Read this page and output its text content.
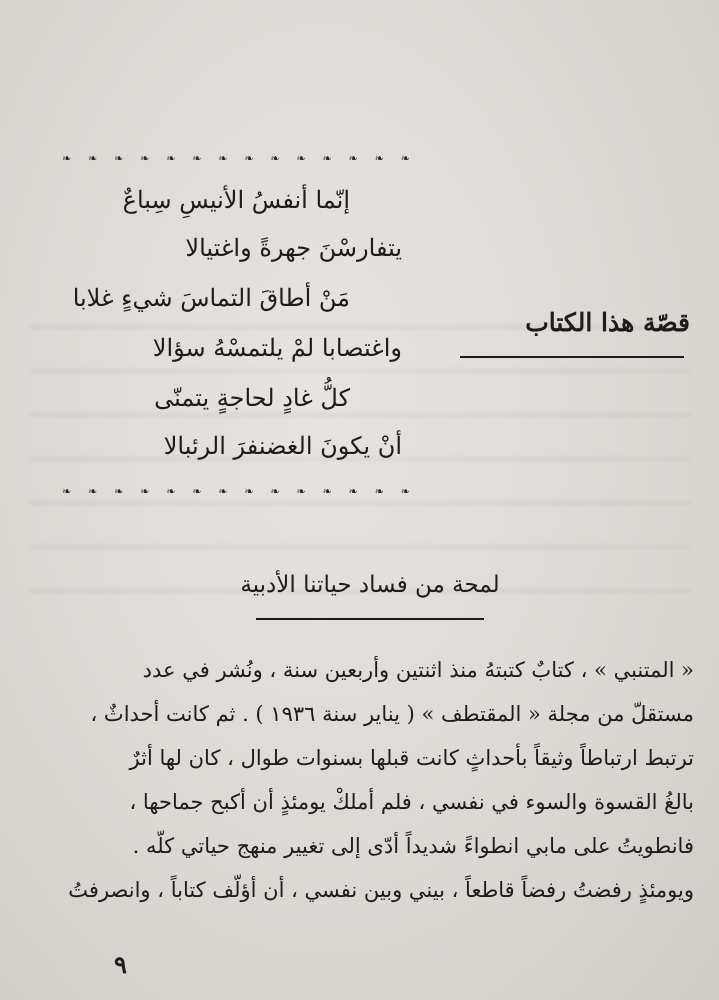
❧ ❧ ❧ ❧ ❧ ❧ ❧ ❧ ❧ ❧ ❧ ❧ ❧ ❧
إنّما أنفسُ الأنيسِ سِباعٌ
يتفارسْنَ جهرةً واغتيالا
مَنْ أطاقَ التماسَ شيءٍ غلابا
واغتصابا لمْ يلتمسْهُ سؤالا
كلُّ غادٍ لحاجةٍ يتمنّى
أنْ يكونَ الغضنفرَ الرئبالا
❧ ❧ ❧ ❧ ❧ ❧ ❧ ❧ ❧ ❧ ❧ ❧ ❧ ❧
قصّة هذا الكتاب
لمحة من فساد حياتنا الأدبية
« المتنبي » ، كتابٌ كتبتهُ منذ اثنتين وأربعين سنة ، ونُشر في عدد
مستقلّ من مجلة « المقتطف » ( يناير سنة ١٩٣٦ ) . ثم كانت أحداثٌ ،
ترتبط ارتباطاً وثيقاً بأحداثٍ كانت قبلها بسنوات طوال ، كان لها أثرٌ
بالغُ القسوة والسوء في نفسي ، فلم أملكْ يومئذٍ أن أكبح جماحها ،
فانطويتُ على مابي انطواءً شديداً أدّى إلى تغيير منهج حياتي كلّه .
ويومئذٍ رفضتُ رفضاً قاطعاً ، بيني وبين نفسي ، أن أؤلّف كتاباً ، وانصرفتُ
٩
